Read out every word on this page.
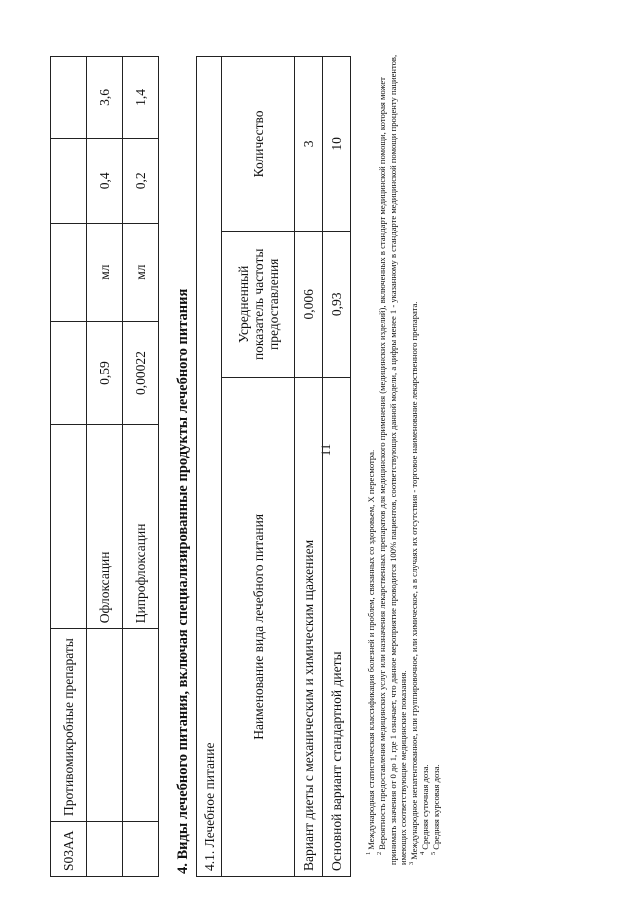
11
S03AA	Противомикробные препараты					
		Офлоксацин	0,59	мл	0,4	3,6
		Ципрофлоксацин	0,00022	мл	0,2	1,4
4. Виды лечебного питания, включая специализированные продукты лечебного питания 4.1. Лечебное питание		
Наименование вида лечебного питания	Усредненный показатель частоты предоставления	Количество
Вариант диеты с механическим и химическим щажением	0,006	3
Основной вариант стандартной диеты	0,93	10

$^1$Международная статистическая классификация болезней и проблем, связанных со здоровьем, X пересмотра.

$^2$Вероятность предоставления медицинских услуг или назначения лекарственных препаратов для медицинского применения (медицинских изделий), включенных в стандарт медицинской помощи, которая может принимать значения от 0 до 1, где 1 означает, что данное мероприятие проводится 100% пациентов, соответствующих данной модели, а цифры менее 1 - указанному в стандарте медицинской помощи проценту пациентов, имеющих соответствующие медицинские показания. $^3$Международное непатентованное, или группировочное, или химическое, а в случаях их отсутствия - торговое наименование лекарственного препарата. $^4$Средняя суточная доза.

$^5$Средняя курсовая доза.
